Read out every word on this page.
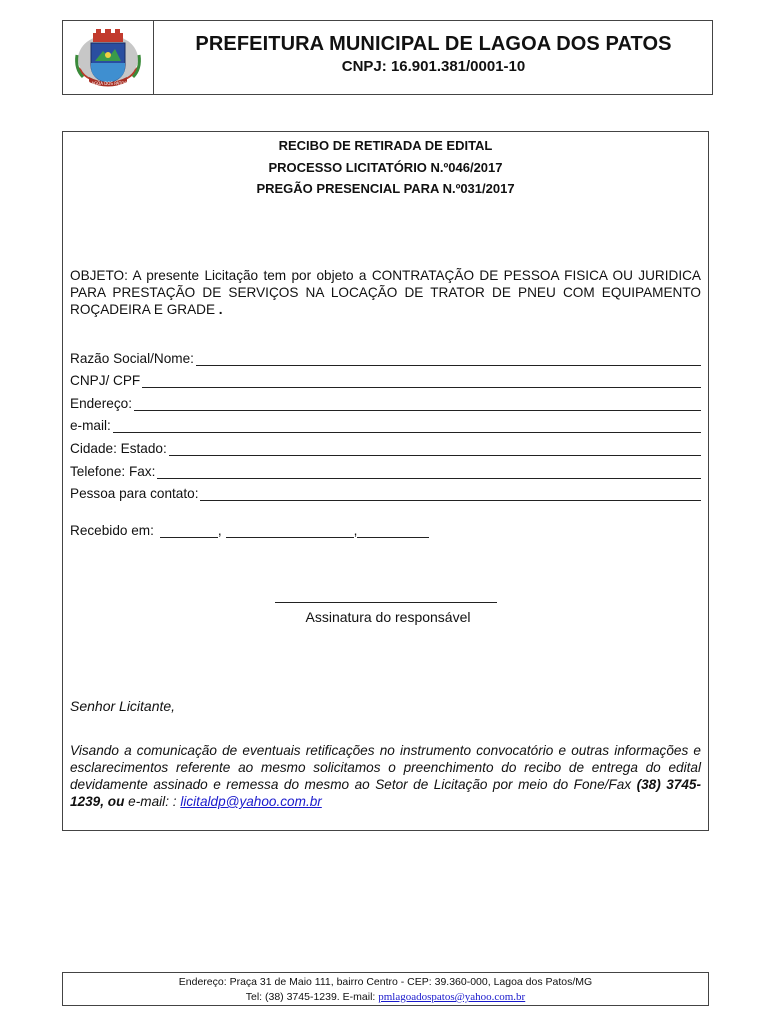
LAGOA DOS PATOS
PREFEITURA MUNICIPAL DE LAGOA DOS PATOS
CNPJ: 16.901.381/0001-10
RECIBO DE RETIRADA DE EDITAL
PROCESSO LICITATÓRIO N.º046/2017
PREGÃO PRESENCIAL PARA N.º031/2017
OBJETO: A presente Licitação tem por objeto a CONTRATAÇÃO DE PESSOA FISICA OU JURIDICA PARA PRESTAÇÃO DE SERVIÇOS NA LOCAÇÃO DE TRATOR DE PNEU COM EQUIPAMENTO ROÇADEIRA E GRADE .
Razão Social/Nome:
CNPJ/ CPF
Endereço:
e-mail:
Cidade: Estado:
Telefone: Fax:
Pessoa para contato:
Recebido em:	,	,
Assinatura do responsável
Senhor Licitante,
Visando a comunicação de eventuais retificações no instrumento convocatório e outras informações e esclarecimentos referente ao mesmo solicitamos o preenchimento do recibo de entrega do edital devidamente assinado e remessa do mesmo ao Setor de Licitação por meio do Fone/Fax (38) 3745-1239, ou e-mail: : licitaldp@yahoo.com.br
Endereço: Praça 31 de Maio 111, bairro Centro - CEP: 39.360-000, Lagoa dos Patos/MG
Tel: (38) 3745-1239. E-mail: pmlagoadospatos@yahoo.com.br
